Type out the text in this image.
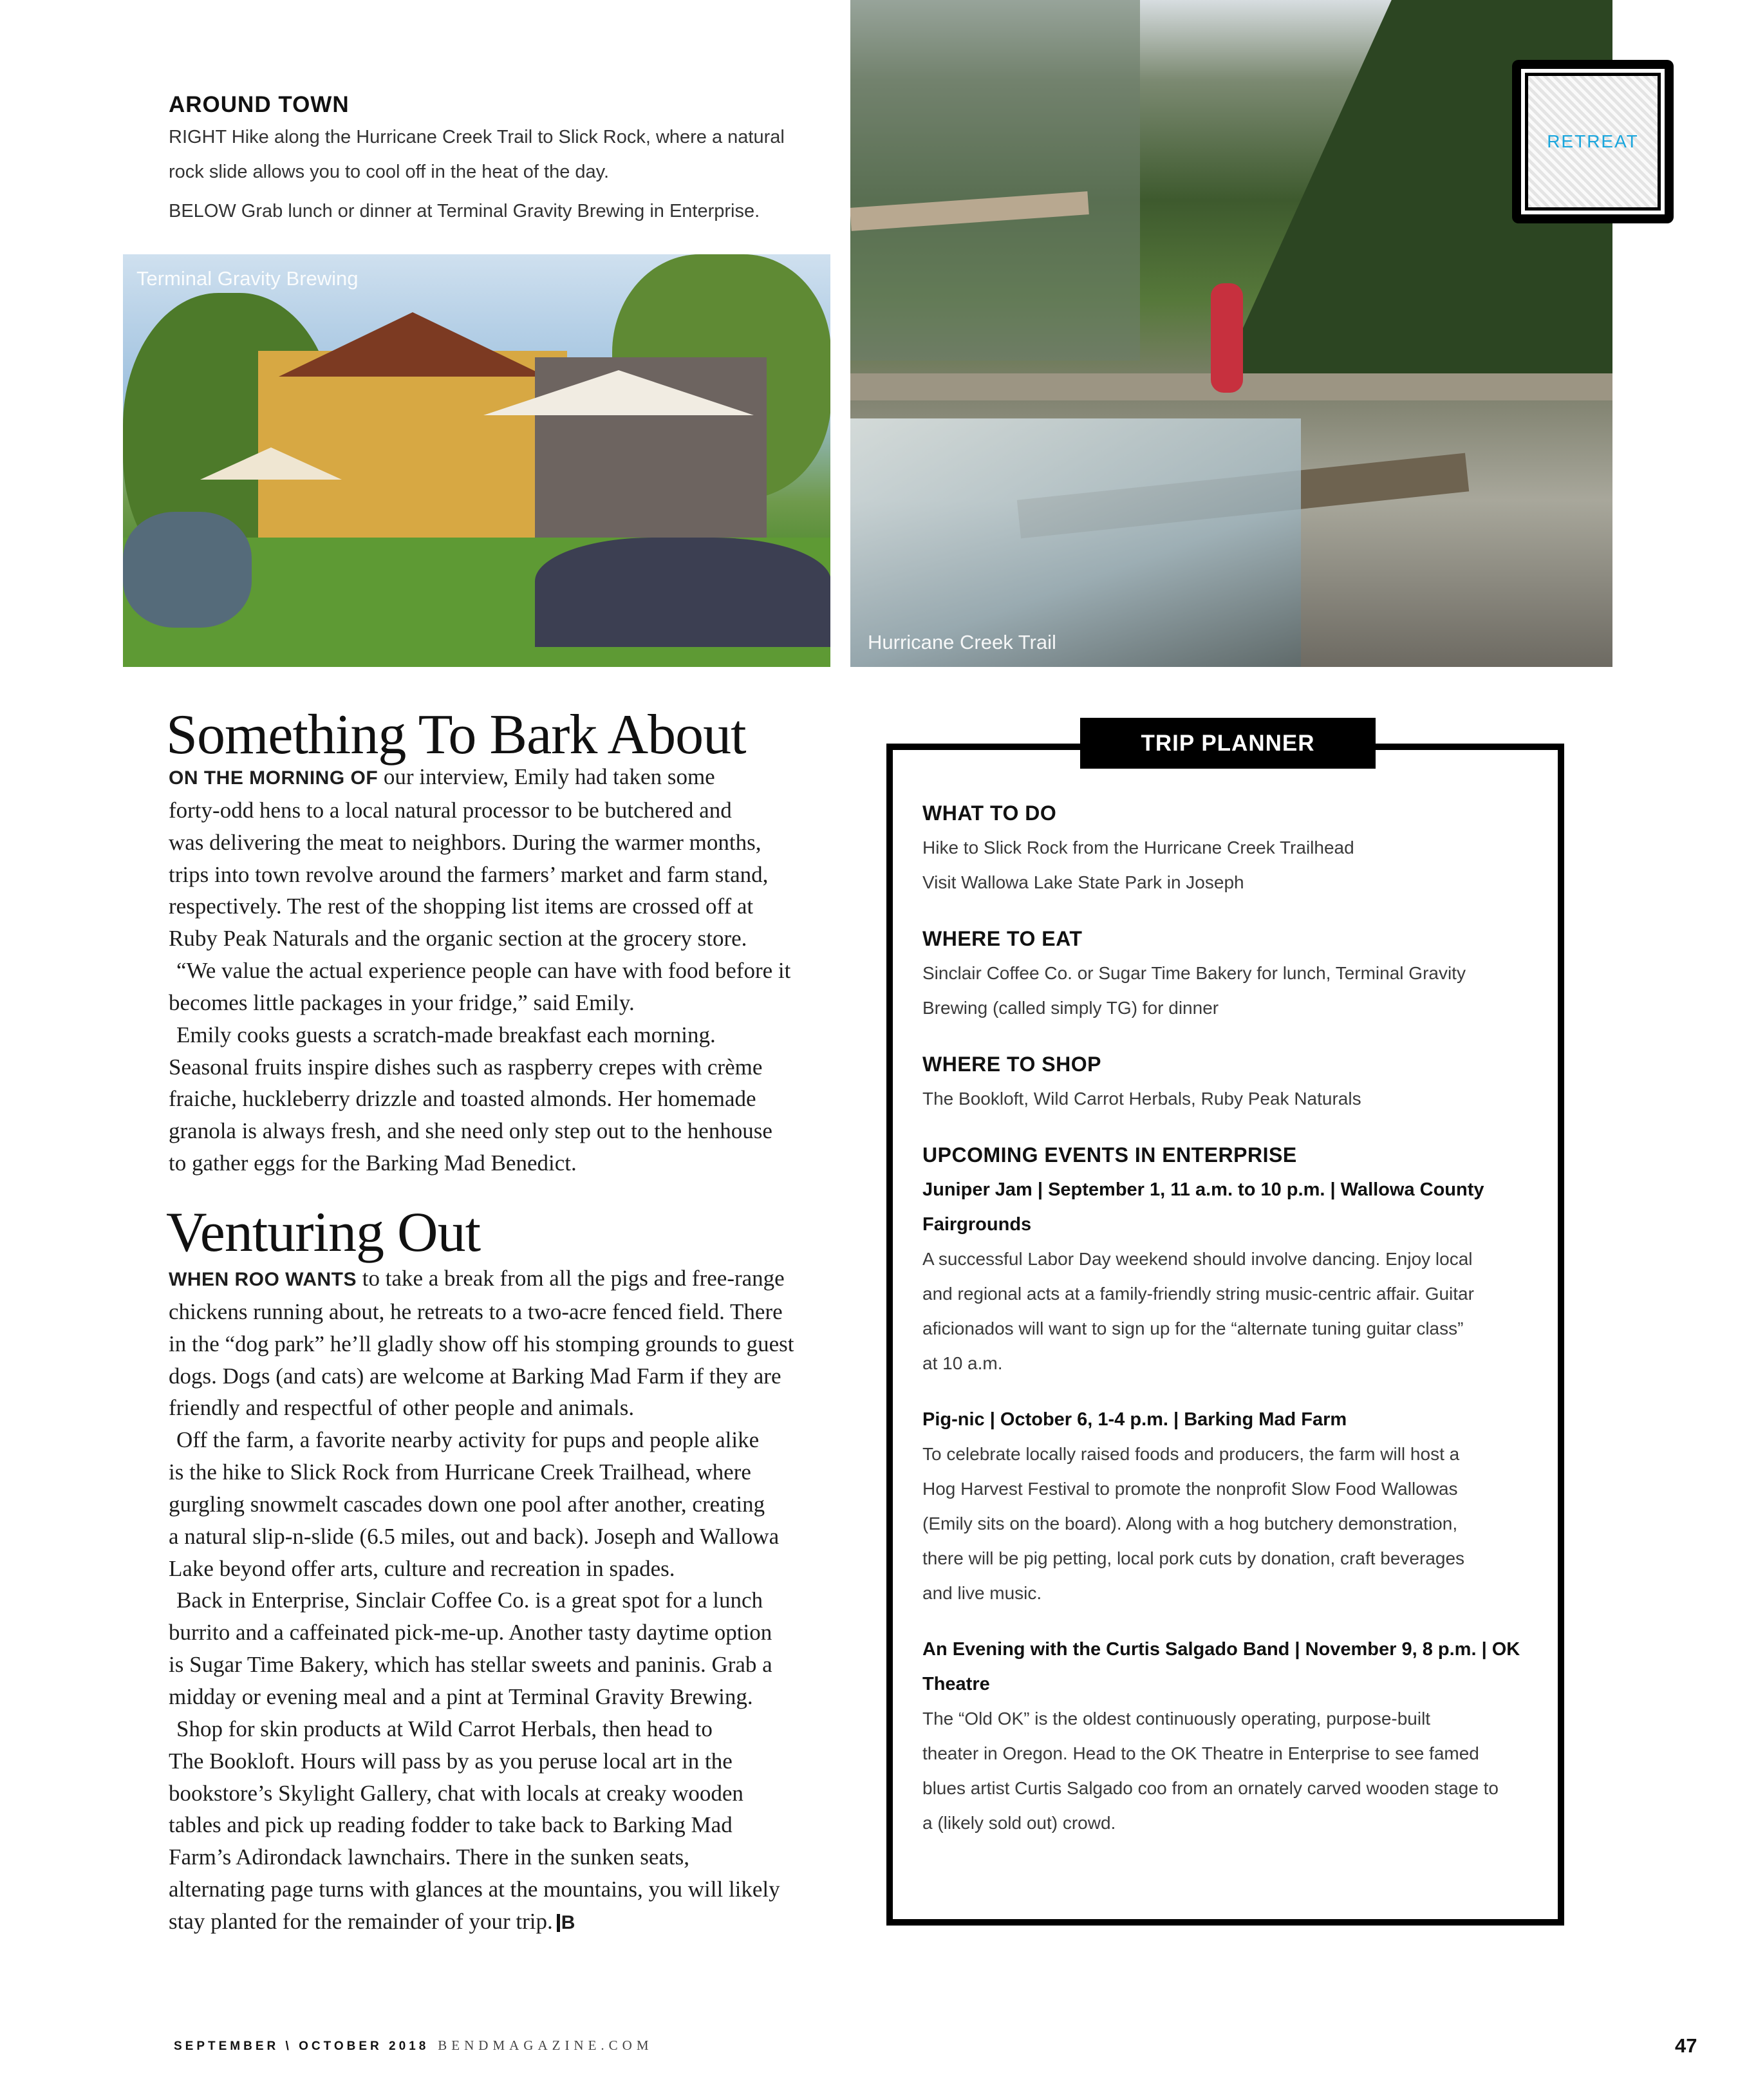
AROUND TOWN
RIGHT Hike along the Hurricane Creek Trail to Slick Rock, where a natural
rock slide allows you to cool off in the heat of the day.
BELOW Grab lunch or dinner at Terminal Gravity Brewing in Enterprise.
Terminal Gravity Brewing
Hurricane Creek Trail
RETREAT
Something To Bark About
ON THE MORNING OF our interview, Emily had taken some
forty-odd hens to a local natural processor to be butchered and
was delivering the meat to neighbors. During the warmer months,
trips into town revolve around the farmers’ market and farm stand,
respectively. The rest of the shopping list items are crossed off at
Ruby Peak Naturals and the organic section at the grocery store.
“We value the actual experience people can have with food before it
becomes little packages in your fridge,” said Emily.
Emily cooks guests a scratch-made breakfast each morning.
Seasonal fruits inspire dishes such as raspberry crepes with crème
fraiche, huckleberry drizzle and toasted almonds. Her homemade
granola is always fresh, and she need only step out to the henhouse
to gather eggs for the Barking Mad Benedict.
Venturing Out
WHEN ROO WANTS to take a break from all the pigs and free-range
chickens running about, he retreats to a two-acre fenced field. There
in the “dog park” he’ll gladly show off his stomping grounds to guest
dogs. Dogs (and cats) are welcome at Barking Mad Farm if they are
friendly and respectful of other people and animals.
Off the farm, a favorite nearby activity for pups and people alike
is the hike to Slick Rock from Hurricane Creek Trailhead, where
gurgling snowmelt cascades down one pool after another, creating
a natural slip-n-slide (6.5 miles, out and back). Joseph and Wallowa
Lake beyond offer arts, culture and recreation in spades.
Back in Enterprise, Sinclair Coffee Co. is a great spot for a lunch
burrito and a caffeinated pick-me-up. Another tasty daytime option
is Sugar Time Bakery, which has stellar sweets and paninis. Grab a
midday or evening meal and a pint at Terminal Gravity Brewing.
Shop for skin products at Wild Carrot Herbals, then head to
The Bookloft. Hours will pass by as you peruse local art in the
bookstore’s Skylight Gallery, chat with locals at creaky wooden
tables and pick up reading fodder to take back to Barking Mad
Farm’s Adirondack lawnchairs. There in the sunken seats,
alternating page turns with glances at the mountains, you will likely
stay planted for the remainder of your trip. B
TRIP PLANNER
WHAT TO DO
Hike to Slick Rock from the Hurricane Creek Trailhead
Visit Wallowa Lake State Park in Joseph
WHERE TO EAT
Sinclair Coffee Co. or Sugar Time Bakery for lunch, Terminal Gravity
Brewing (called simply TG) for dinner
WHERE TO SHOP
The Bookloft, Wild Carrot Herbals, Ruby Peak Naturals
UPCOMING EVENTS IN ENTERPRISE
Juniper Jam | September 1, 11 a.m. to 10 p.m. | Wallowa County
Fairgrounds
A successful Labor Day weekend should involve dancing. Enjoy local
and regional acts at a family-friendly string music-centric affair. Guitar
aficionados will want to sign up for the “alternate tuning guitar class”
at 10 a.m.
Pig-nic | October 6, 1-4 p.m. | Barking Mad Farm
To celebrate locally raised foods and producers, the farm will host a
Hog Harvest Festival to promote the nonprofit Slow Food Wallowas
(Emily sits on the board). Along with a hog butchery demonstration,
there will be pig petting, local pork cuts by donation, craft beverages
and live music.
An Evening with the Curtis Salgado Band | November 9, 8 p.m. | OK
Theatre
The “Old OK” is the oldest continuously operating, purpose-built
theater in Oregon. Head to the OK Theatre in Enterprise to see famed
blues artist Curtis Salgado coo from an ornately carved wooden stage to
a (likely sold out) crowd.
SEPTEMBER \ OCTOBER 2018 BENDMAGAZINE.COM	47
